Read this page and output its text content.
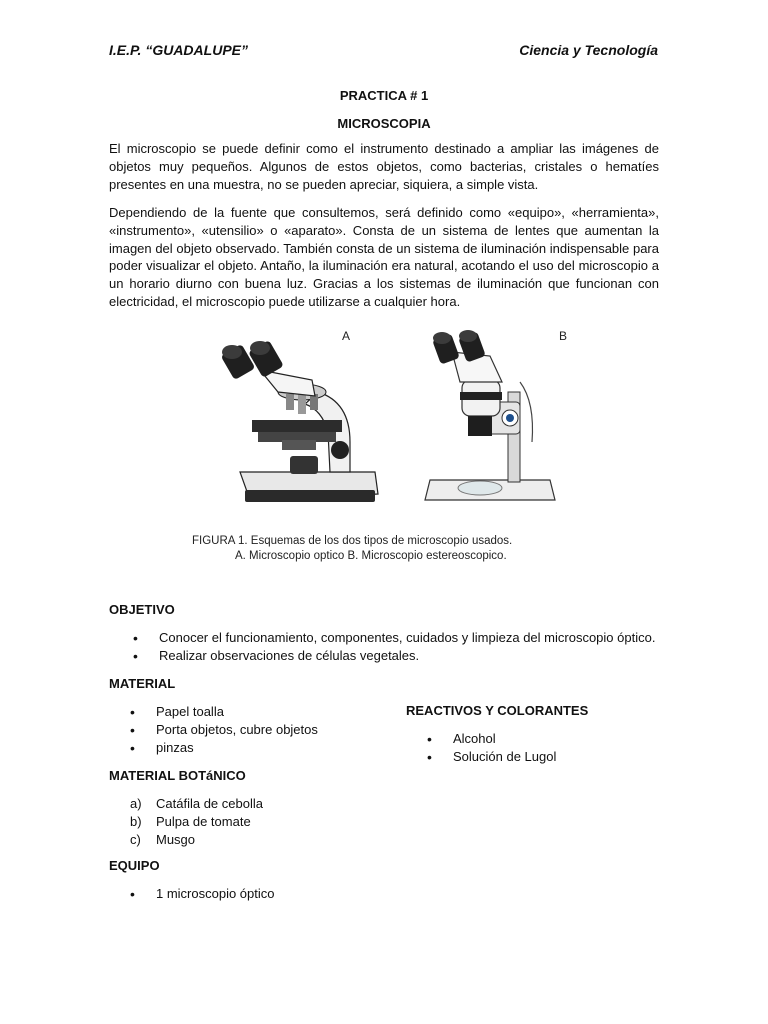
I.E.P. “GUADALUPE”	Ciencia y Tecnología
PRACTICA # 1
MICROSCOPIA
El microscopio se puede definir como el instrumento destinado a ampliar las imágenes de objetos muy pequeños. Algunos de estos objetos, como bacterias, cristales o hematíes presentes en una muestra, no se pueden apreciar, siquiera, a simple vista.
Dependiendo de la fuente que consultemos, será definido como «equipo», «herramienta», «instrumento», «utensilio» o «aparato». Consta de un sistema de lentes que aumentan la imagen del objeto observado. También consta de un sistema de iluminación indispensable para poder visualizar el objeto. Antaño, la iluminación era natural, acotando el uso del microscopio a un horario diurno con buena luz. Gracias a los sistemas de iluminación que funcionan con electricidad, el microscopio puede utilizarse a cualquier hora.
A	B
FIGURA 1. Esquemas de los dos tipos de microscopio usados.
A. Microscopio optico B. Microscopio estereoscopico.
OBJETIVO
• Conocer el funcionamiento, componentes, cuidados y limpieza del microscopio óptico.
• Realizar observaciones de células vegetales.
MATERIAL
• Papel toalla
• Porta objetos, cubre objetos
• pinzas
REACTIVOS Y COLORANTES
• Alcohol
• Solución de Lugol
MATERIAL BOTáNICO
a) Catáfila de cebolla
b) Pulpa de tomate
c) Musgo
EQUIPO
• 1 microscopio óptico
